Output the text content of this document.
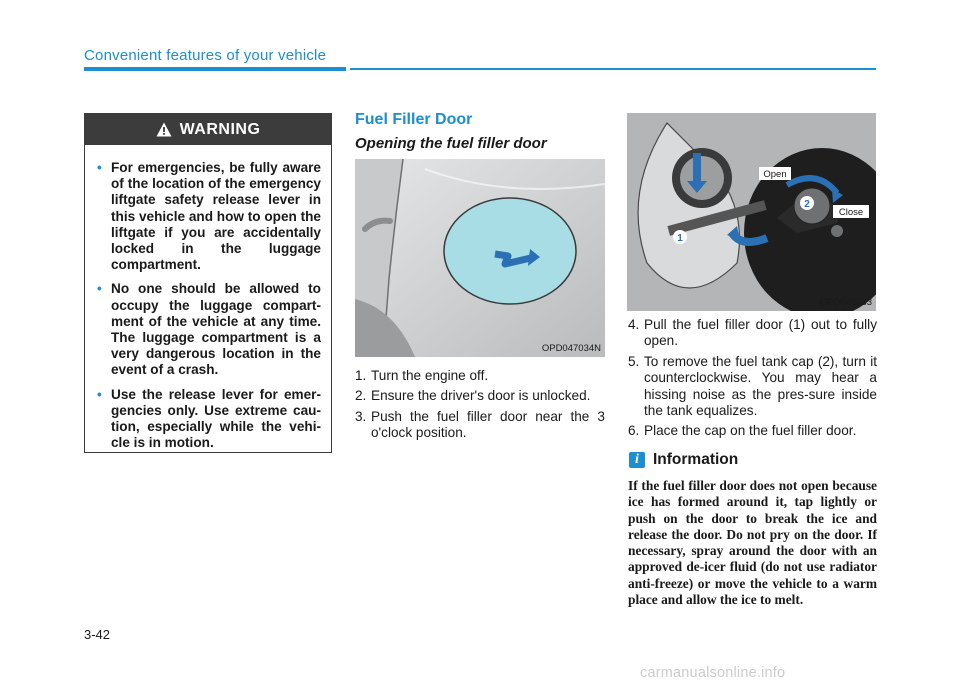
Convenient features of your vehicle
WARNING
• For emergencies, be fully aware of the location of the emergency liftgate safety release lever in this vehicle and how to open the liftgate if you are accidentally locked in the luggage compartment.
• No one should be allowed to occupy the luggage compart-ment of the vehicle at any time. The luggage compartment is a very dangerous location in the event of a crash.
• Use the release lever for emer-gencies only. Use extreme cau-tion, especially while the vehi-cle is in motion.
Fuel Filler Door
Opening the fuel filler door
OPD047034N
1. Turn the engine off.
2. Ensure the driver's door is unlocked.
3. Push the fuel filler door near the 3 o'clock position.
1
2
Open
Close
OPD046033
4. Pull the fuel filler door (1) out to fully open.
5. To remove the fuel tank cap (2), turn it counterclockwise. You may hear a hissing noise as the pres-sure inside the tank equalizes.
6. Place the cap on the fuel filler door.
i Information
If the fuel filler door does not open because ice has formed around it, tap lightly or push on the door to break the ice and release the door. Do not pry on the door. If necessary, spray around the door with an approved de-icer fluid (do not use radiator anti-freeze) or move the vehicle to a warm place and allow the ice to melt.
3-42
carmanualsonline.info
